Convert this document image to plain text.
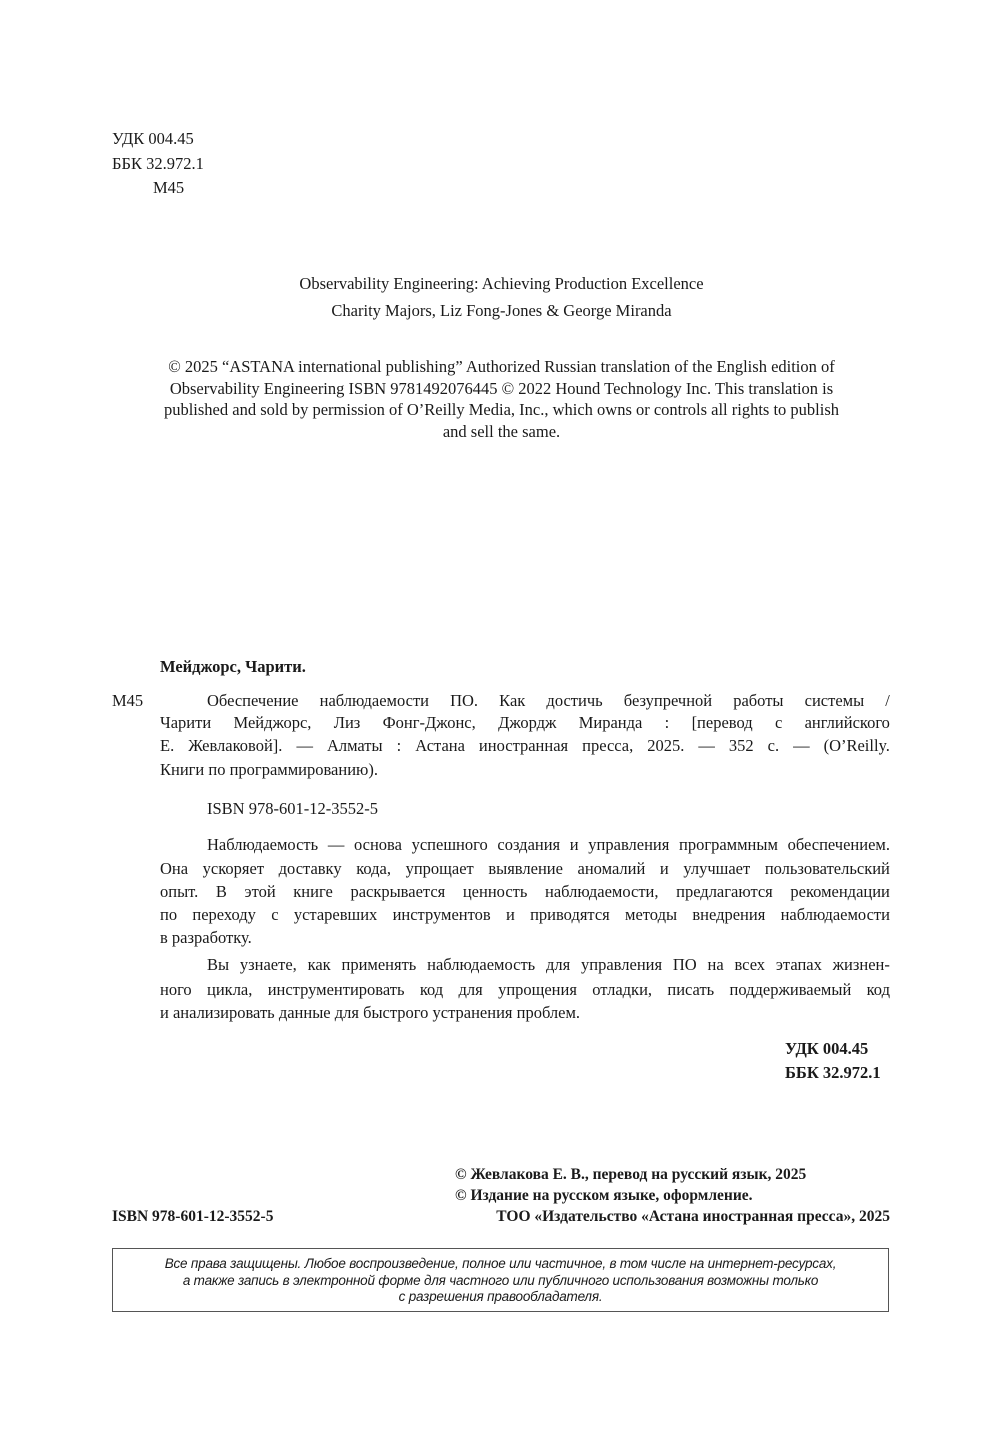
УДК 004.45
ББК 32.972.1
М45
Observability Engineering: Achieving Production Excellence
Charity Majors, Liz Fong-Jones & George Miranda
© 2025 “ASTANA international publishing” Authorized Russian translation of the English edition of
Observability Engineering ISBN 9781492076445 © 2022 Hound Technology Inc. This translation is
published and sold by permission of O’Reilly Media, Inc., which owns or controls all rights to publish
and sell the same.
Мейджорс, Чарити.
М45	Обеспечение наблюдаемости ПО. Как достичь безупречной работы системы /
Чарити Мейджорс, Лиз Фонг-Джонс, Джордж Миранда : [перевод с английского
Е. Жевлаковой]. — Алматы : Астана иностранная пресса, 2025. — 352 с. — (O’Reilly.
Книги по программированию).
ISBN 978-601-12-3552-5
Наблюдаемость — основа успешного создания и управления программным обеспечением.
Она ускоряет доставку кода, упрощает выявление аномалий и улучшает пользовательский
опыт. В этой книге раскрывается ценность наблюдаемости, предлагаются рекомендации
по переходу с устаревших инструментов и приводятся методы внедрения наблюдаемости
в разработку.
Вы узнаете, как применять наблюдаемость для управления ПО на всех этапах жизнен-
ного цикла, инструментировать код для упрощения отладки, писать поддерживаемый код
и анализировать данные для быстрого устранения проблем.
УДК 004.45
ББК 32.972.1
© Жевлакова Е. В., перевод на русский язык, 2025
© Издание на русском языке, оформление.
ТОО «Издательство «Астана иностранная пресса», 2025
ISBN 978-601-12-3552-5
Все права защищены. Любое воспроизведение, полное или частичное, в том числе на интернет-ресурсах,
а также запись в электронной форме для частного или публичного использования возможны только
с разрешения правообладателя.
